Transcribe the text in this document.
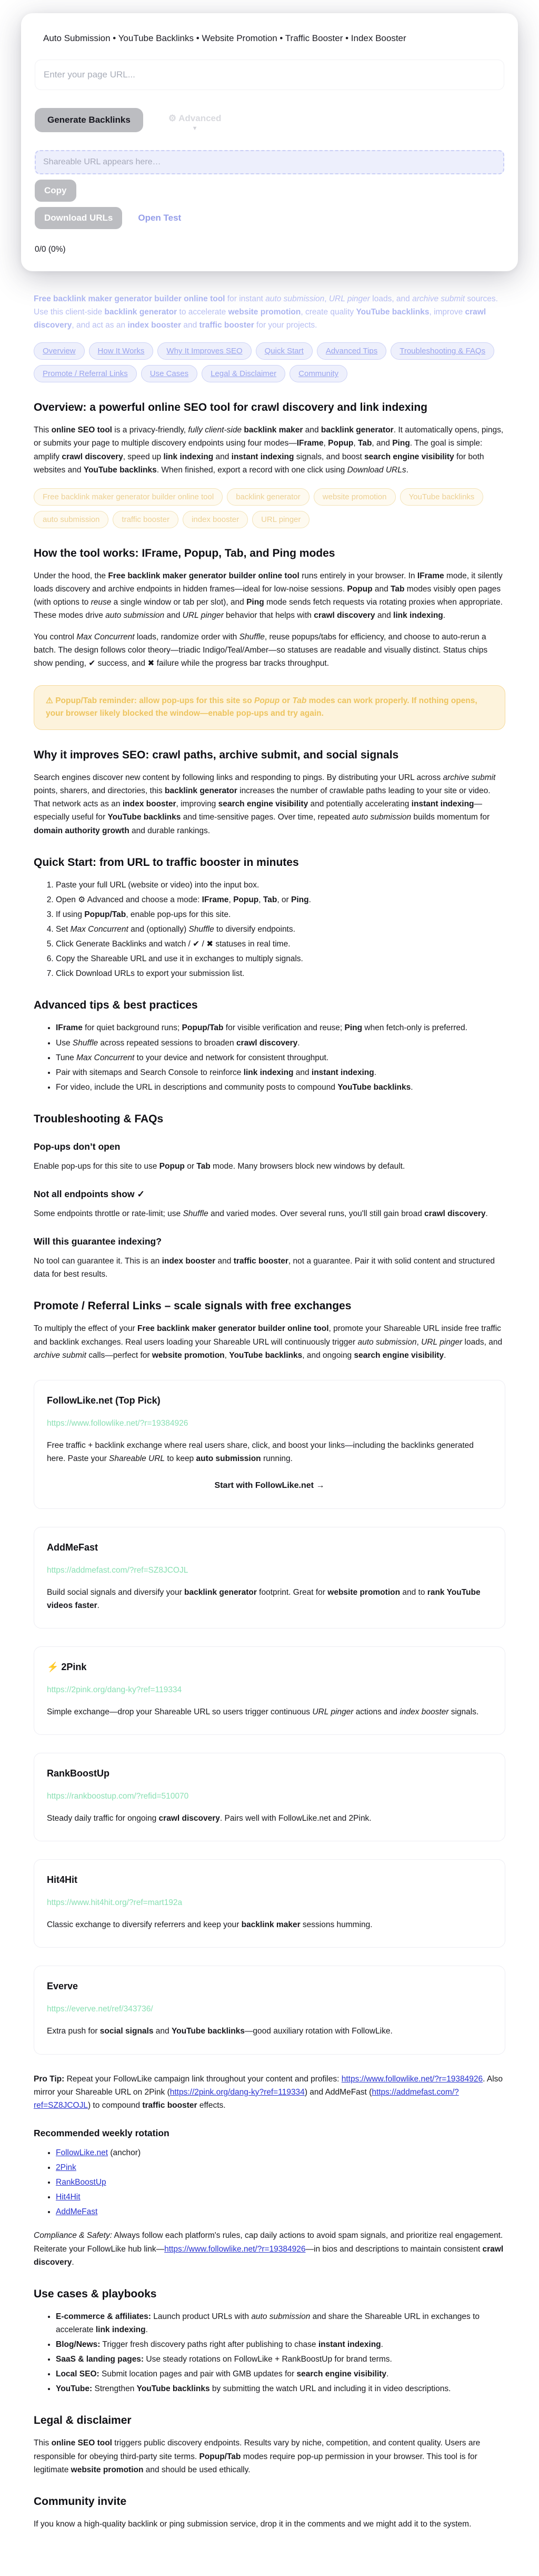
Auto Submission • YouTube Backlinks • Website Promotion • Traffic Booster • Index Booster
Enter your page URL...
Generate Backlinks	⚙ Advanced
▼
Shareable URL appears here…
Copy
Download URLs	Open Test
0/0 (0%)

Free backlink maker generator builder online tool for instant auto submission, URL pinger loads, and archive submit sources. Use this client-side backlink generator to accelerate website promotion, create quality YouTube backlinks, improve crawl discovery, and act as an index booster and traffic booster for your projects.

Overview	How It Works	Why It Improves SEO	Quick Start	Advanced Tips	Troubleshooting & FAQs
Promote / Referral Links	Use Cases	Legal & Disclaimer	Community
Overview: a powerful online SEO tool for crawl discovery and link indexing

This online SEO tool is a privacy-friendly, fully client-side backlink maker and backlink generator. It automatically opens, pings, or submits your page to multiple discovery endpoints using four modes—IFrame, Popup, Tab, and Ping. The goal is simple: amplify crawl discovery, speed up link indexing and instant indexing signals, and boost search engine visibility for both websites and YouTube backlinks. When finished, export a record with one click using Download URLs.

Free backlink maker generator builder online tool	backlink generator	website promotion	YouTube backlinks
auto submission	traffic booster	index booster	URL pinger
How the tool works: IFrame, Popup, Tab, and Ping modes

Under the hood, the Free backlink maker generator builder online tool runs entirely in your browser. In IFrame mode, it silently loads discovery and archive endpoints in hidden frames—ideal for low-noise sessions. Popup and Tab modes visibly open pages (with options to reuse a single window or tab per slot), and Ping mode sends fetch requests via rotating proxies when appropriate. These modes drive auto submission and URL pinger behavior that helps with crawl discovery and link indexing.

You control Max Concurrent loads, randomize order with Shuffle, reuse popups/tabs for efficiency, and choose to auto-rerun a batch. The design follows color theory—triadic Indigo/Teal/Amber—so statuses are readable and visually distinct. Status chips show pending, ✔ success, and ✖ failure while the progress bar tracks throughput.

⚠ Popup/Tab reminder: allow pop-ups for this site so Popup or Tab modes can work properly. If nothing opens, your browser likely blocked the window—enable pop-ups and try again.
Why it improves SEO: crawl paths, archive submit, and social signals

Search engines discover new content by following links and responding to pings. By distributing your URL across archive submit points, sharers, and directories, this backlink generator increases the number of crawlable paths leading to your site or video. That network acts as an index booster, improving search engine visibility and potentially accelerating instant indexing—especially useful for YouTube backlinks and time-sensitive pages. Over time, repeated auto submission builds momentum for domain authority growth and durable rankings.

Quick Start: from URL to traffic booster in minutes
1. Paste your full URL (website or video) into the input box.
2. Open ⚙ Advanced and choose a mode: IFrame, Popup, Tab, or Ping.
3. If using Popup/Tab, enable pop-ups for this site.
4. Set Max Concurrent and (optionally) Shuffle to diversify endpoints.
5. Click Generate Backlinks and watch / ✔ / ✖ statuses in real time.
6. Copy the Shareable URL and use it in exchanges to multiply signals.
7. Click Download URLs to export your submission list.
Advanced tips & best practices
• IFrame for quiet background runs; Popup/Tab for visible verification and reuse; Ping when fetch-only is preferred.
• Use Shuffle across repeated sessions to broaden crawl discovery.
• Tune Max Concurrent to your device and network for consistent throughput.
• Pair with sitemaps and Search Console to reinforce link indexing and instant indexing.
• For video, include the URL in descriptions and community posts to compound YouTube backlinks.
Troubleshooting & FAQs
Pop-ups don’t open

Enable pop-ups for this site to use Popup or Tab mode. Many browsers block new windows by default.

Not all endpoints show ✓

Some endpoints throttle or rate-limit; use Shuffle and varied modes. Over several runs, you'll still gain broad crawl discovery.

Will this guarantee indexing?

No tool can guarantee it. This is an index booster and traffic booster, not a guarantee. Pair it with solid content and structured data for best results.

Promote / Referral Links – scale signals with free exchanges

To multiply the effect of your Free backlink maker generator builder online tool, promote your Shareable URL inside free traffic and backlink exchanges. Real users loading your Shareable URL will continuously trigger auto submission, URL pinger loads, and archive submit calls—perfect for website promotion, YouTube backlinks, and ongoing search engine visibility.

FollowLike.net (Top Pick)
https://www.followlike.net/?r=19384926

Free traffic + backlink exchange where real users share, click, and boost your links—including the backlinks generated here. Paste your Shareable URL to keep auto submission running.

Start with FollowLike.net →

AddMeFast
https://addmefast.com/?ref=SZ8JCOJL

Build social signals and diversify your backlink generator footprint. Great for website promotion and to rank YouTube videos faster.

⚡ 2Pink
https://2pink.org/dang-ky?ref=119334

Simple exchange—drop your Shareable URL so users trigger continuous URL pinger actions and index booster signals.

RankBoostUp
https://rankboostup.com/?refid=510070

Steady daily traffic for ongoing crawl discovery. Pairs well with FollowLike.net and 2Pink.

Hit4Hit
https://www.hit4hit.org/?ref=mart192a

Classic exchange to diversify referrers and keep your backlink maker sessions humming.

Everve
https://everve.net/ref/343736/

Extra push for social signals and YouTube backlinks—good auxiliary rotation with FollowLike.

Pro Tip: Repeat your FollowLike campaign link throughout your content and profiles: https://www.followlike.net/?r=19384926. Also mirror your Shareable URL on 2Pink (https://2pink.org/dang-ky?ref=119334) and AddMeFast (https://addmefast.com/?ref=SZ8JCOJL) to compound traffic booster effects.

Recommended weekly rotation
• FollowLike.net (anchor)
• 2Pink
• RankBoostUp
• Hit4Hit
• AddMeFast

Compliance & Safety: Always follow each platform's rules, cap daily actions to avoid spam signals, and prioritize real engagement. Reiterate your FollowLike hub link—https://www.followlike.net/?r=19384926—in bios and descriptions to maintain consistent crawl discovery.

Use cases & playbooks
• E-commerce & affiliates: Launch product URLs with auto submission and share the Shareable URL in exchanges to accelerate link indexing.
• Blog/News: Trigger fresh discovery paths right after publishing to chase instant indexing.
• SaaS & landing pages: Use steady rotations on FollowLike + RankBoostUp for brand terms.
• Local SEO: Submit location pages and pair with GMB updates for search engine visibility.
• YouTube: Strengthen YouTube backlinks by submitting the watch URL and including it in video descriptions.
Legal & disclaimer

This online SEO tool triggers public discovery endpoints. Results vary by niche, competition, and content quality. Users are responsible for obeying third-party site terms. Popup/Tab modes require pop-up permission in your browser. This tool is for legitimate website promotion and should be used ethically.

Community invite

If you know a high-quality backlink or ping submission service, drop it in the comments and we might add it to the system.
